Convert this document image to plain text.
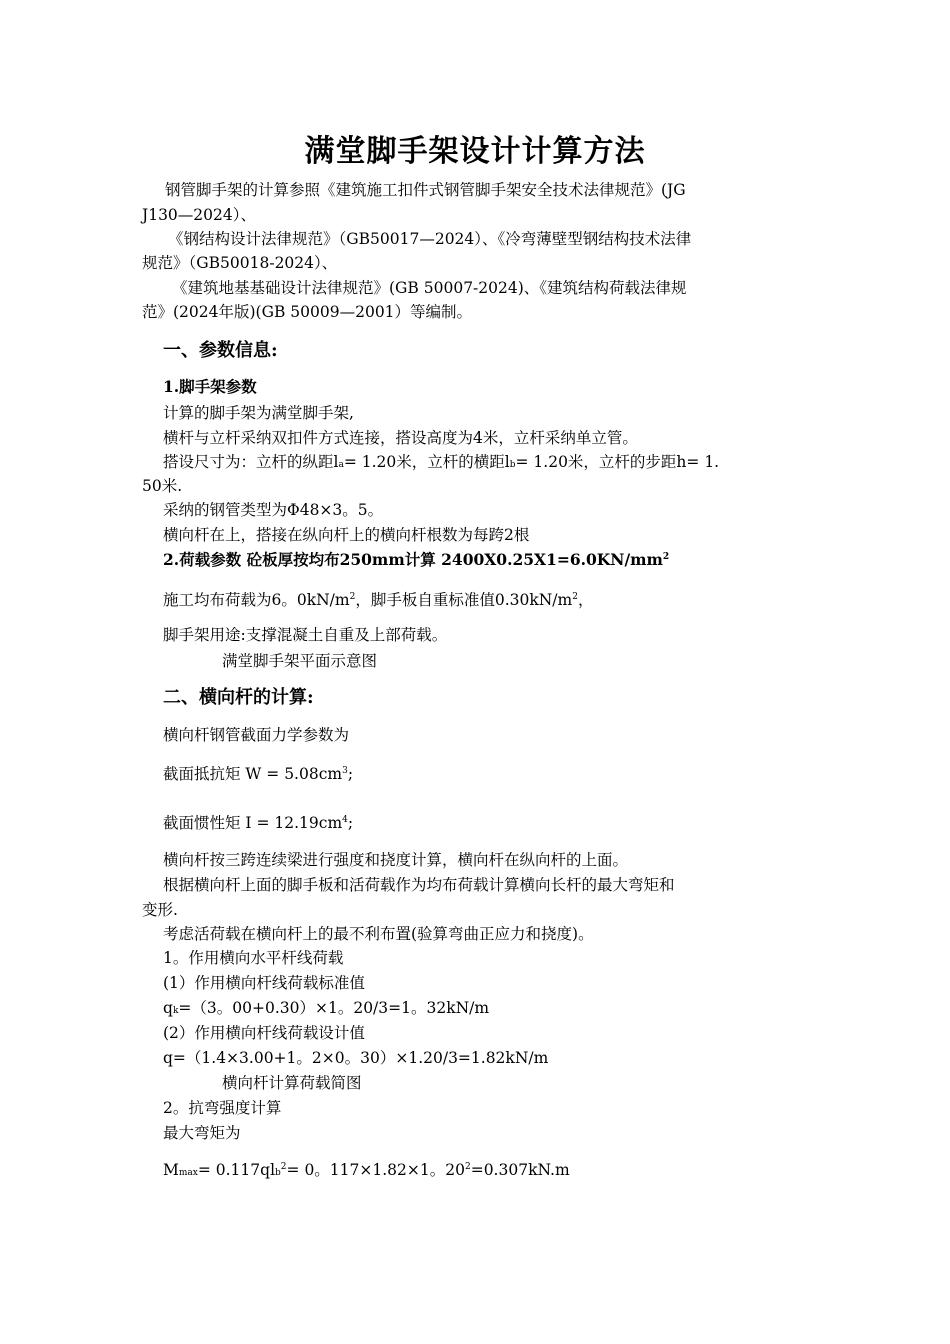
满堂脚手架设计计算方法
钢管脚手架的计算参照《建筑施工扣件式钢管脚手架安全技术法律规范》(JG
J130—2024）、
《钢结构设计法律规范》（GB50017—2024）、《冷弯薄壁型钢结构技术法律
规范》（GB50018-2024）、
《建筑地基基础设计法律规范》(GB 50007-2024)、《建筑结构荷载法律规
范》(2024年版)(GB 50009—2001）等编制。
一、参数信息:
1.脚手架参数
计算的脚手架为满堂脚手架,
横杆与立杆采纳双扣件方式连接，搭设高度为4米，立杆采纳单立管。
搭设尺寸为：立杆的纵距la= 1.20米，立杆的横距lb= 1.20米，立杆的步距h= 1.
50米.
采纳的钢管类型为Φ48×3。5。
横向杆在上，搭接在纵向杆上的横向杆根数为每跨2根
2.荷载参数 砼板厚按均布250mm计算 $2400X0.25X1=6.0KN/mm^2$
施工均布荷载为6。$0kN/m^2$，脚手板自重标准值$0.30kN/m^2$，
脚手架用途:支撑混凝土自重及上部荷载。
满堂脚手架平面示意图
二、横向杆的计算:
横向杆钢管截面力学参数为
截面抵抗矩 $W = 5.08cm^3$;
截面惯性矩 $I = 12.19cm^4$;
横向杆按三跨连续梁进行强度和挠度计算，横向杆在纵向杆的上面。
根据横向杆上面的脚手板和活荷载作为均布荷载计算横向长杆的最大弯矩和
变形.
考虑活荷载在横向杆上的最不利布置(验算弯曲正应力和挠度)。
1。作用横向水平杆线荷载
(1）作用横向杆线荷载标准值
qk=（3。00+0.30）×1。20/3=1。32kN/m
(2）作用横向杆线荷载设计值
q=（1.4×3.00+1。2×0。30）×1.20/3=1.82kN/m
横向杆计算荷载简图
2。抗弯强度计算
最大弯矩为
Mmax= 0.117qlb$^2$= 0。117×1.82×1。$20^2=0.307kN.m$
